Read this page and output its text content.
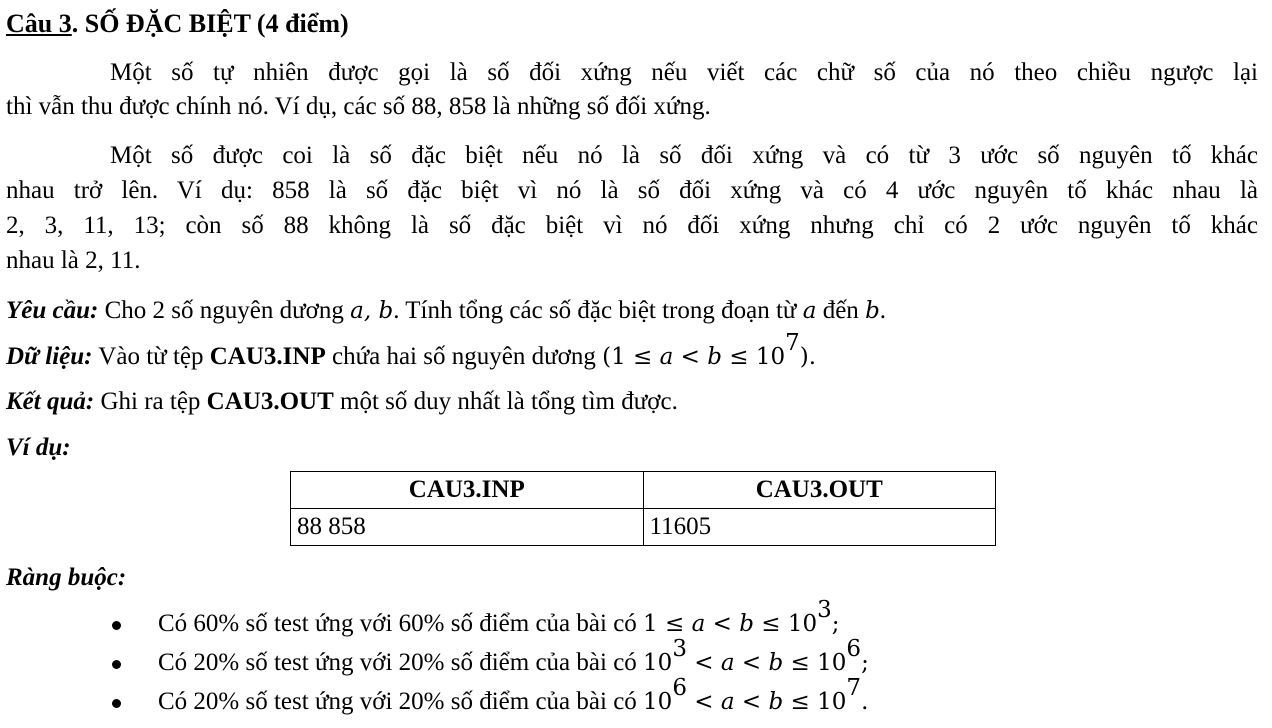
Câu 3. SỐ ĐẶC BIỆT (4 điểm)
Một số tự nhiên được gọi là số đối xứng nếu viết các chữ số của nó theo chiều ngược lại
thì vẫn thu được chính nó. Ví dụ, các số 88, 858 là những số đối xứng.
Một số được coi là số đặc biệt nếu nó là số đối xứng và có từ 3 ước số nguyên tố khác
nhau trở lên. Ví dụ: 858 là số đặc biệt vì nó là số đối xứng và có 4 ước nguyên tố khác nhau là
2, 3, 11, 13; còn số 88 không là số đặc biệt vì nó đối xứng nhưng chỉ có 2 ước nguyên tố khác
nhau là 2, 11.
Yêu cầu: Cho 2 số nguyên dương a, b. Tính tổng các số đặc biệt trong đoạn từ a đến b.
Dữ liệu: Vào từ tệp CAU3.INP chứa hai số nguyên dương $(1 \le a < b \le 10^7)$.
Kết quả: Ghi ra tệp CAU3.OUT một số duy nhất là tổng tìm được.
Ví dụ:
CAU3.INP	CAU3.OUT
88 858	11605
Ràng buộc:
Có 60% số test ứng với 60% số điểm của bài có $1 \le a < b \le 10^3$;
Có 20% số test ứng với 20% số điểm của bài có $10^3 < a < b \le 10^6$;
Có 20% số test ứng với 20% số điểm của bài có $10^6 < a < b \le 10^7$.
